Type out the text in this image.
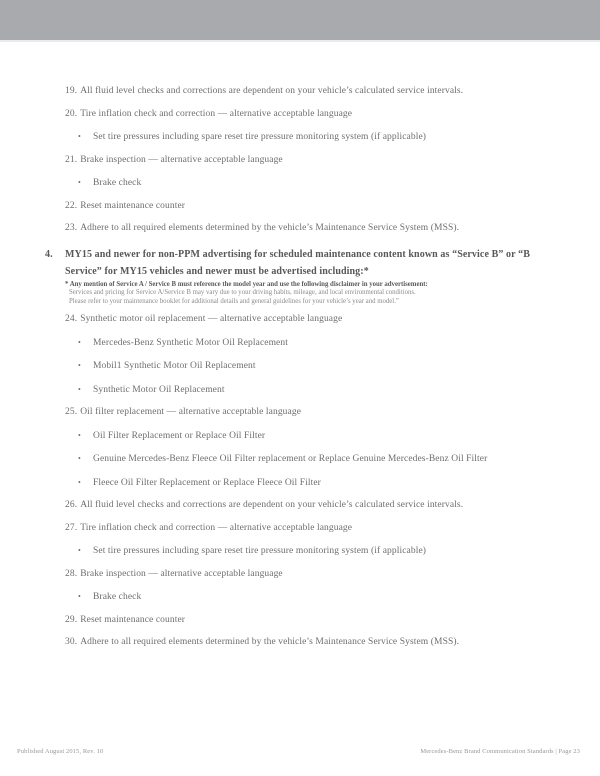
19. All fluid level checks and corrections are dependent on your vehicle’s calculated service intervals.
20. Tire inflation check and correction — alternative acceptable language
•Set tire pressures including spare reset tire pressure monitoring system (if applicable)
21. Brake inspection — alternative acceptable language
•Brake check
22. Reset maintenance counter
23. Adhere to all required elements determined by the vehicle’s Maintenance Service System (MSS).
4.	MY15 and newer for non-PPM advertising for scheduled maintenance content known as “Service B” or “B
Service” for MY15 vehicles and newer must be advertised including:*
* Any mention of Service A / Service B must reference the model year and use the following disclaimer in your advertisement:
Services and pricing for Service A/Service B may vary due to your driving habits, mileage, and local environmental conditions.
Please refer to your maintenance booklet for additional details and general guidelines for your vehicle’s year and model.”
24. Synthetic motor oil replacement — alternative acceptable language
•Mercedes-Benz Synthetic Motor Oil Replacement
•Mobil1 Synthetic Motor Oil Replacement
•Synthetic Motor Oil Replacement
25. Oil filter replacement — alternative acceptable language
•Oil Filter Replacement or Replace Oil Filter
•Genuine Mercedes-Benz Fleece Oil Filter replacement or Replace Genuine Mercedes-Benz Oil Filter
•Fleece Oil Filter Replacement or Replace Fleece Oil Filter
26. All fluid level checks and corrections are dependent on your vehicle’s calculated service intervals.
27. Tire inflation check and correction — alternative acceptable language
•Set tire pressures including spare reset tire pressure monitoring system (if applicable)
28. Brake inspection — alternative acceptable language
•Brake check
29. Reset maintenance counter
30. Adhere to all required elements determined by the vehicle’s Maintenance Service System (MSS).
Published August 2015, Rev. 10	Mercedes-Benz Brand Communication Standards | Page 23
